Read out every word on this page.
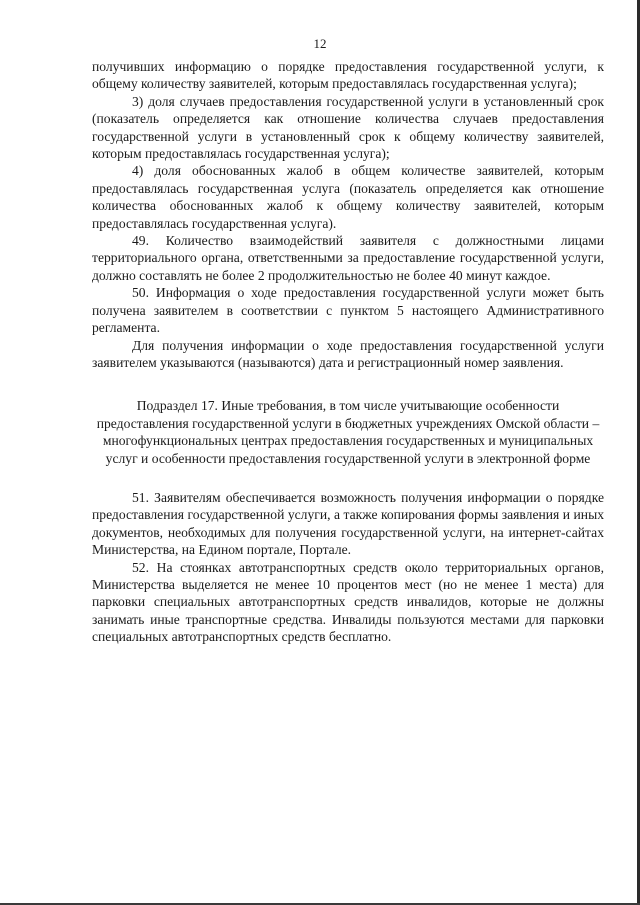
12

получивших информацию о порядке предоставления государственной услуги, к общему количеству заявителей, которым предоставлялась государственная услуга);

3) доля случаев предоставления государственной услуги в установленный срок (показатель определяется как отношение количества случаев предоставления государственной услуги в установленный срок к общему количеству заявителей, которым предоставлялась государственная услуга);

4) доля обоснованных жалоб в общем количестве заявителей, которым предоставлялась государственная услуга (показатель определяется как отношение количества обоснованных жалоб к общему количеству заявителей, которым предоставлялась государственная услуга).

49. Количество взаимодействий заявителя с должностными лицами территориального органа, ответственными за предоставление государственной услуги, должно составлять не более 2 продолжительностью не более 40 минут каждое.

50. Информация о ходе предоставления государственной услуги может быть получена заявителем в соответствии с пунктом 5 настоящего Административного регламента.

Для получения информации о ходе предоставления государственной услуги заявителем указываются (называются) дата и регистрационный номер заявления.

Подраздел 17. Иные требования, в том числе учитывающие особенности предоставления государственной услуги в бюджетных учреждениях Омской области – многофункциональных центрах предоставления государственных и муниципальных услуг и особенности предоставления государственной услуги в электронной форме

51. Заявителям обеспечивается возможность получения информации о порядке предоставления государственной услуги, а также копирования формы заявления и иных документов, необходимых для получения государственной услуги, на интернет-сайтах Министерства, на Едином портале, Портале.

52. На стоянках автотранспортных средств около территориальных органов, Министерства выделяется не менее 10 процентов мест (но не менее 1 места) для парковки специальных автотранспортных средств инвалидов, которые не должны занимать иные транспортные средства. Инвалиды пользуются местами для парковки специальных автотранспортных средств бесплатно.
